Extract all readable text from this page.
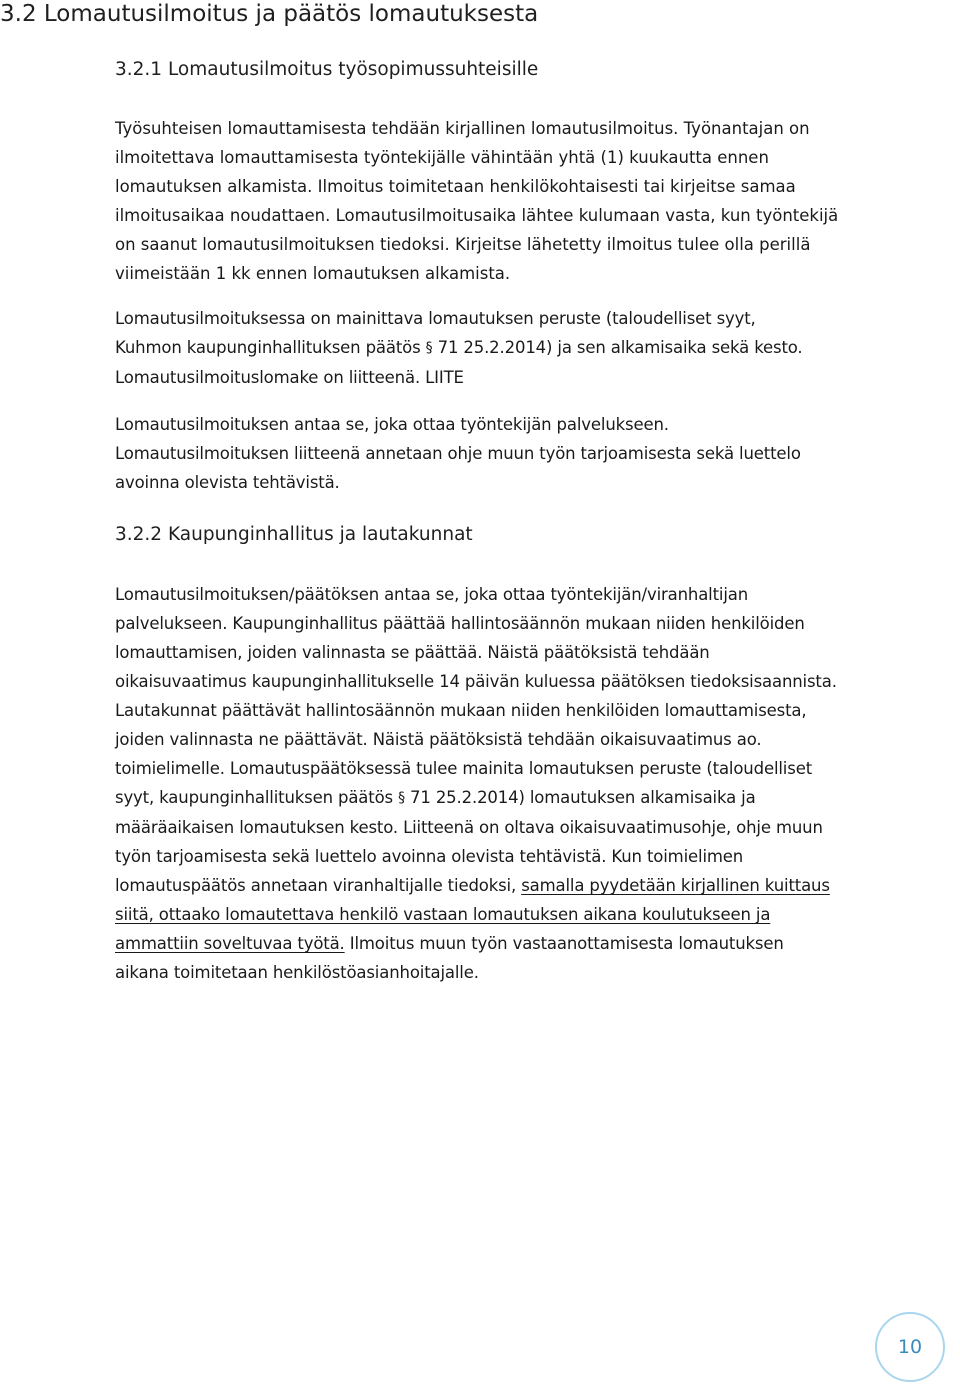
3.2 Lomautusilmoitus ja päätös lomautuksesta
3.2.1 Lomautusilmoitus työsopimussuhteisille

Työsuhteisen lomauttamisesta tehdään kirjallinen lomautusilmoitus. Työnantajan on
ilmoitettava lomauttamisesta työntekijälle vähintään yhtä (1) kuukautta ennen
lomautuksen alkamista. Ilmoitus toimitetaan henkilökohtaisesti tai kirjeitse samaa
ilmoitusaikaa noudattaen. Lomautusilmoitusaika lähtee kulumaan vasta, kun työntekijä
on saanut lomautusilmoituksen tiedoksi. Kirjeitse lähetetty ilmoitus tulee olla perillä
viimeistään 1 kk ennen lomautuksen alkamista.

Lomautusilmoituksessa on mainittava lomautuksen peruste (taloudelliset syyt,
Kuhmon kaupunginhallituksen päätös § 71 25.2.2014) ja sen alkamisaika sekä kesto.
Lomautusilmoituslomake on liitteenä. LIITE

Lomautusilmoituksen antaa se, joka ottaa työntekijän palvelukseen.
Lomautusilmoituksen liitteenä annetaan ohje muun työn tarjoamisesta sekä luettelo
avoinna olevista tehtävistä.

3.2.2 Kaupunginhallitus ja lautakunnat

Lomautusilmoituksen/päätöksen antaa se, joka ottaa työntekijän/viranhaltijan
palvelukseen. Kaupunginhallitus päättää hallintosäännön mukaan niiden henkilöiden
lomauttamisen, joiden valinnasta se päättää. Näistä päätöksistä tehdään
oikaisuvaatimus kaupunginhallitukselle 14 päivän kuluessa päätöksen tiedoksisaannista.
Lautakunnat päättävät hallintosäännön mukaan niiden henkilöiden lomauttamisesta,
joiden valinnasta ne päättävät. Näistä päätöksistä tehdään oikaisuvaatimus ao.
toimielimelle. Lomautuspäätöksessä tulee mainita lomautuksen peruste (taloudelliset
syyt, kaupunginhallituksen päätös § 71 25.2.2014) lomautuksen alkamisaika ja
määräaikaisen lomautuksen kesto. Liitteenä on oltava oikaisuvaatimusohje, ohje muun
työn tarjoamisesta sekä luettelo avoinna olevista tehtävistä. Kun toimielimen
lomautuspäätös annetaan viranhaltijalle tiedoksi, samalla pyydetään kirjallinen kuittaus
siitä, ottaako lomautettava henkilö vastaan lomautuksen aikana koulutukseen ja
ammattiin soveltuvaa työtä. Ilmoitus muun työn vastaanottamisesta lomautuksen
aikana toimitetaan henkilöstöasianhoitajalle.

10
